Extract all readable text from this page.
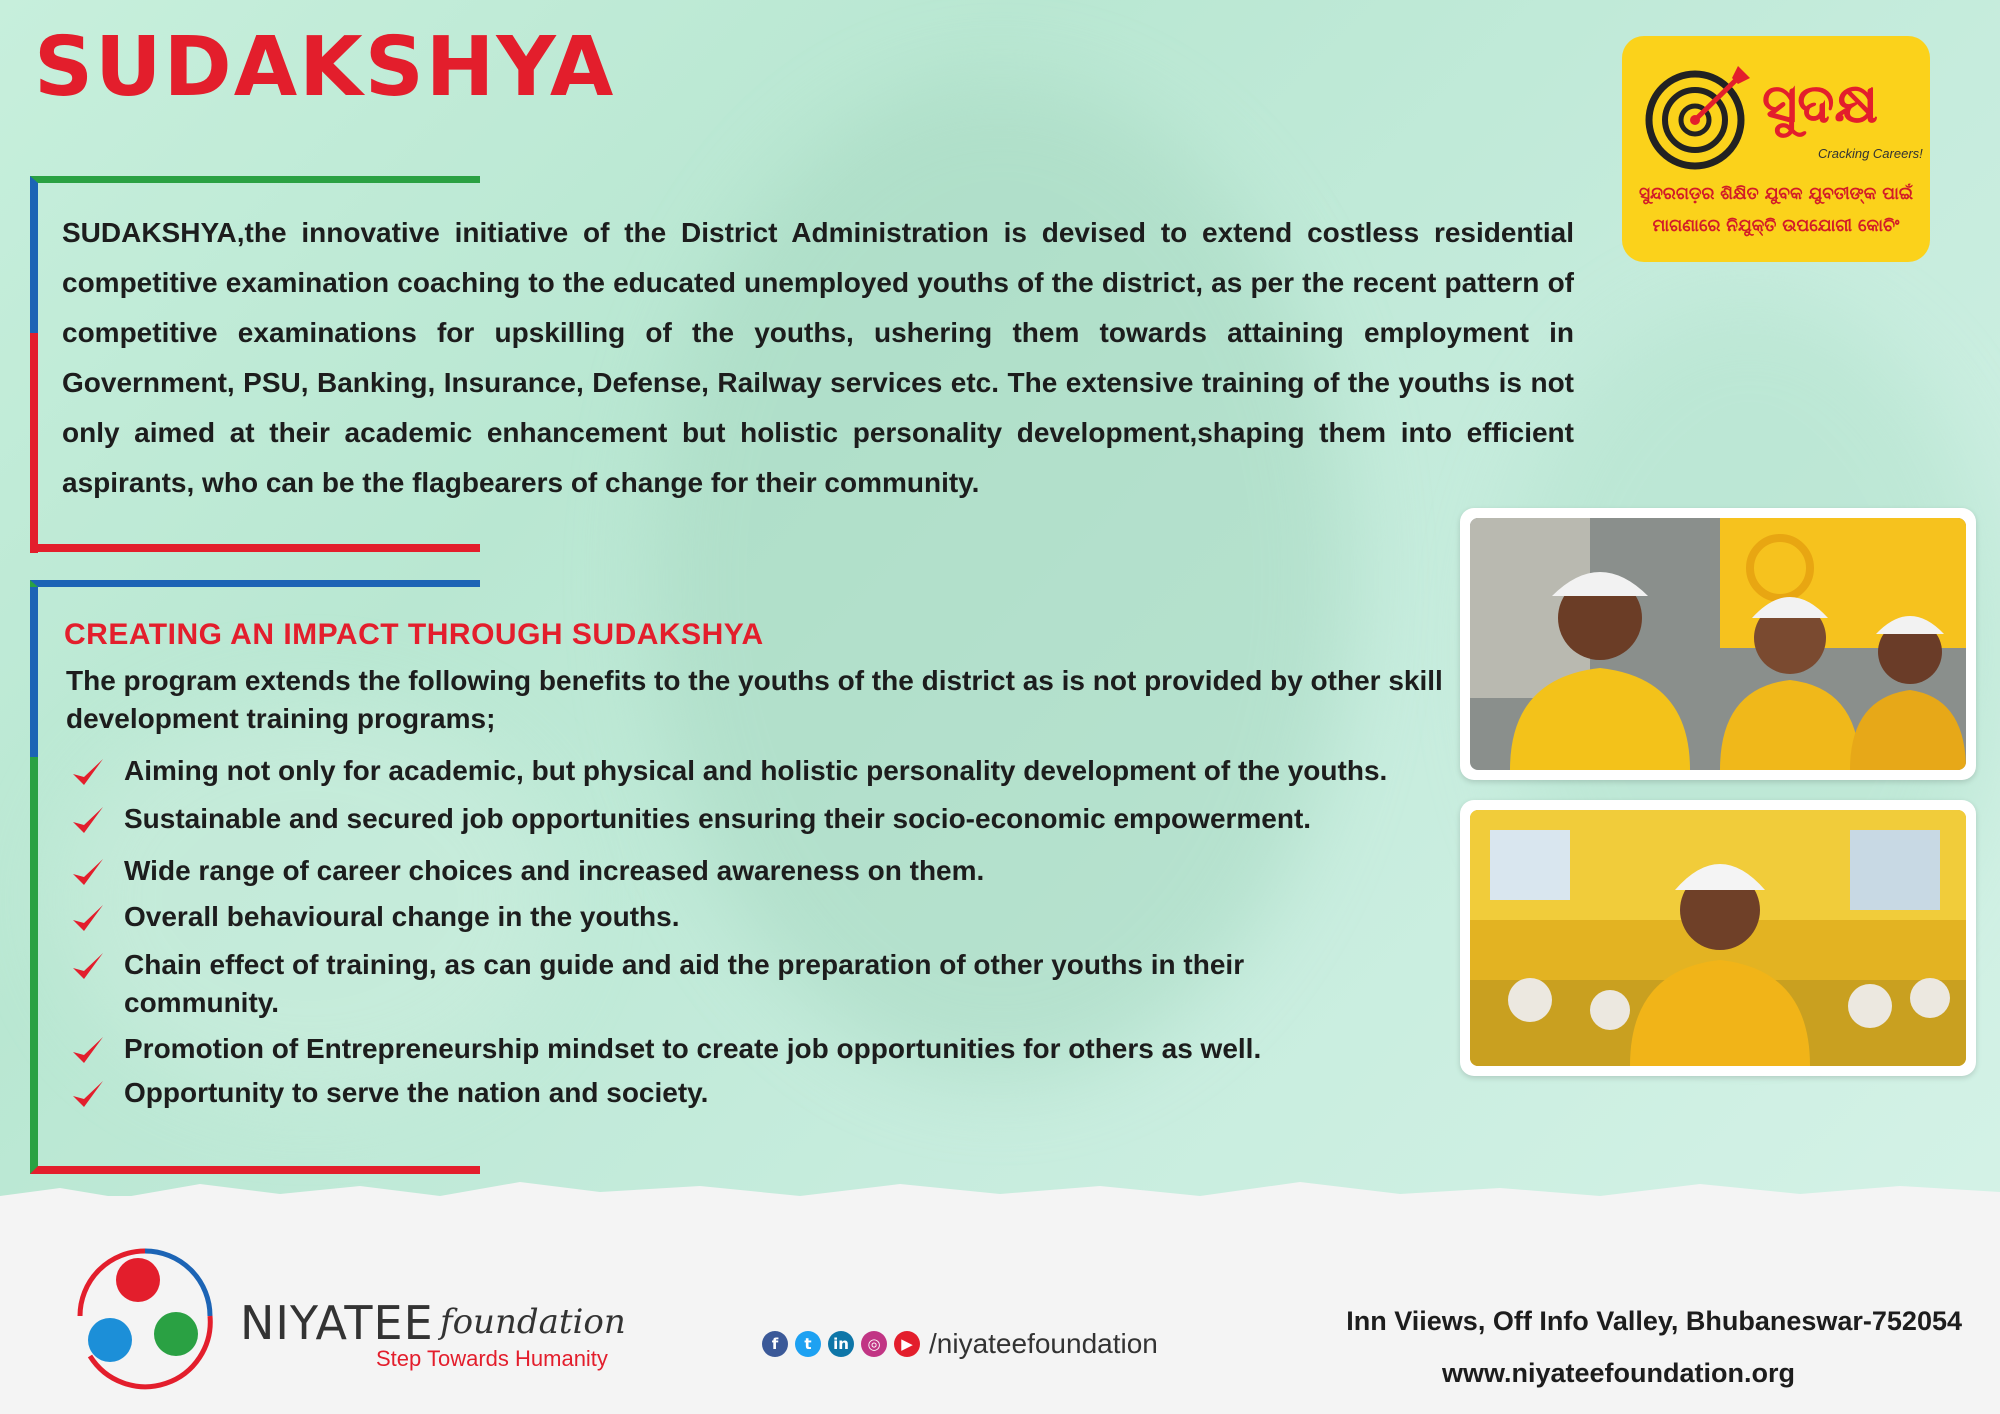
SUDAKSHYA	ସୁଦକ୍ଷ
Cracking Careers!
ସୁନ୍ଦରଗଡ଼ର ଶିକ୍ଷିତ ଯୁବକ ଯୁବତୀଙ୍କ ପାଇଁ
ମାଗଣାରେ ନିଯୁକ୍ତି ଉପଯୋଗୀ କୋଚିଂ

SUDAKSHYA,the innovative initiative of the District Administration is devised to extend costless residential competitive examination coaching to the educated unemployed youths of the district, as per the recent pattern of competitive examinations for upskilling of the youths, ushering them towards attaining employment in Government, PSU, Banking, Insurance, Defense, Railway services etc. The extensive training of the youths is not only aimed at their academic enhancement but holistic personality development,shaping them into efficient aspirants, who can be the flagbearers of change for their community.

CREATING AN IMPACT THROUGH SUDAKSHYA

The program extends the following benefits to the youths of the district as is not provided by other skill development training programs;

Aiming not only for academic, but physical and holistic personality development of the youths.
Sustainable and secured job opportunities ensuring their socio-economic empowerment.
Wide range of career choices and increased awareness on them.
Overall behavioural change in the youths.
Chain effect of training, as can guide and aid the preparation of other youths in their community.
Promotion of Entrepreneurship mindset to create job opportunities for others as well.
Opportunity to serve the nation and society.
NIYATEE foundation
Step Towards Humanity
f	t	in	◎	▶ /niyateefoundation
Inn Viiews, Off Info Valley, Bhubaneswar-752054
www.niyateefoundation.org
